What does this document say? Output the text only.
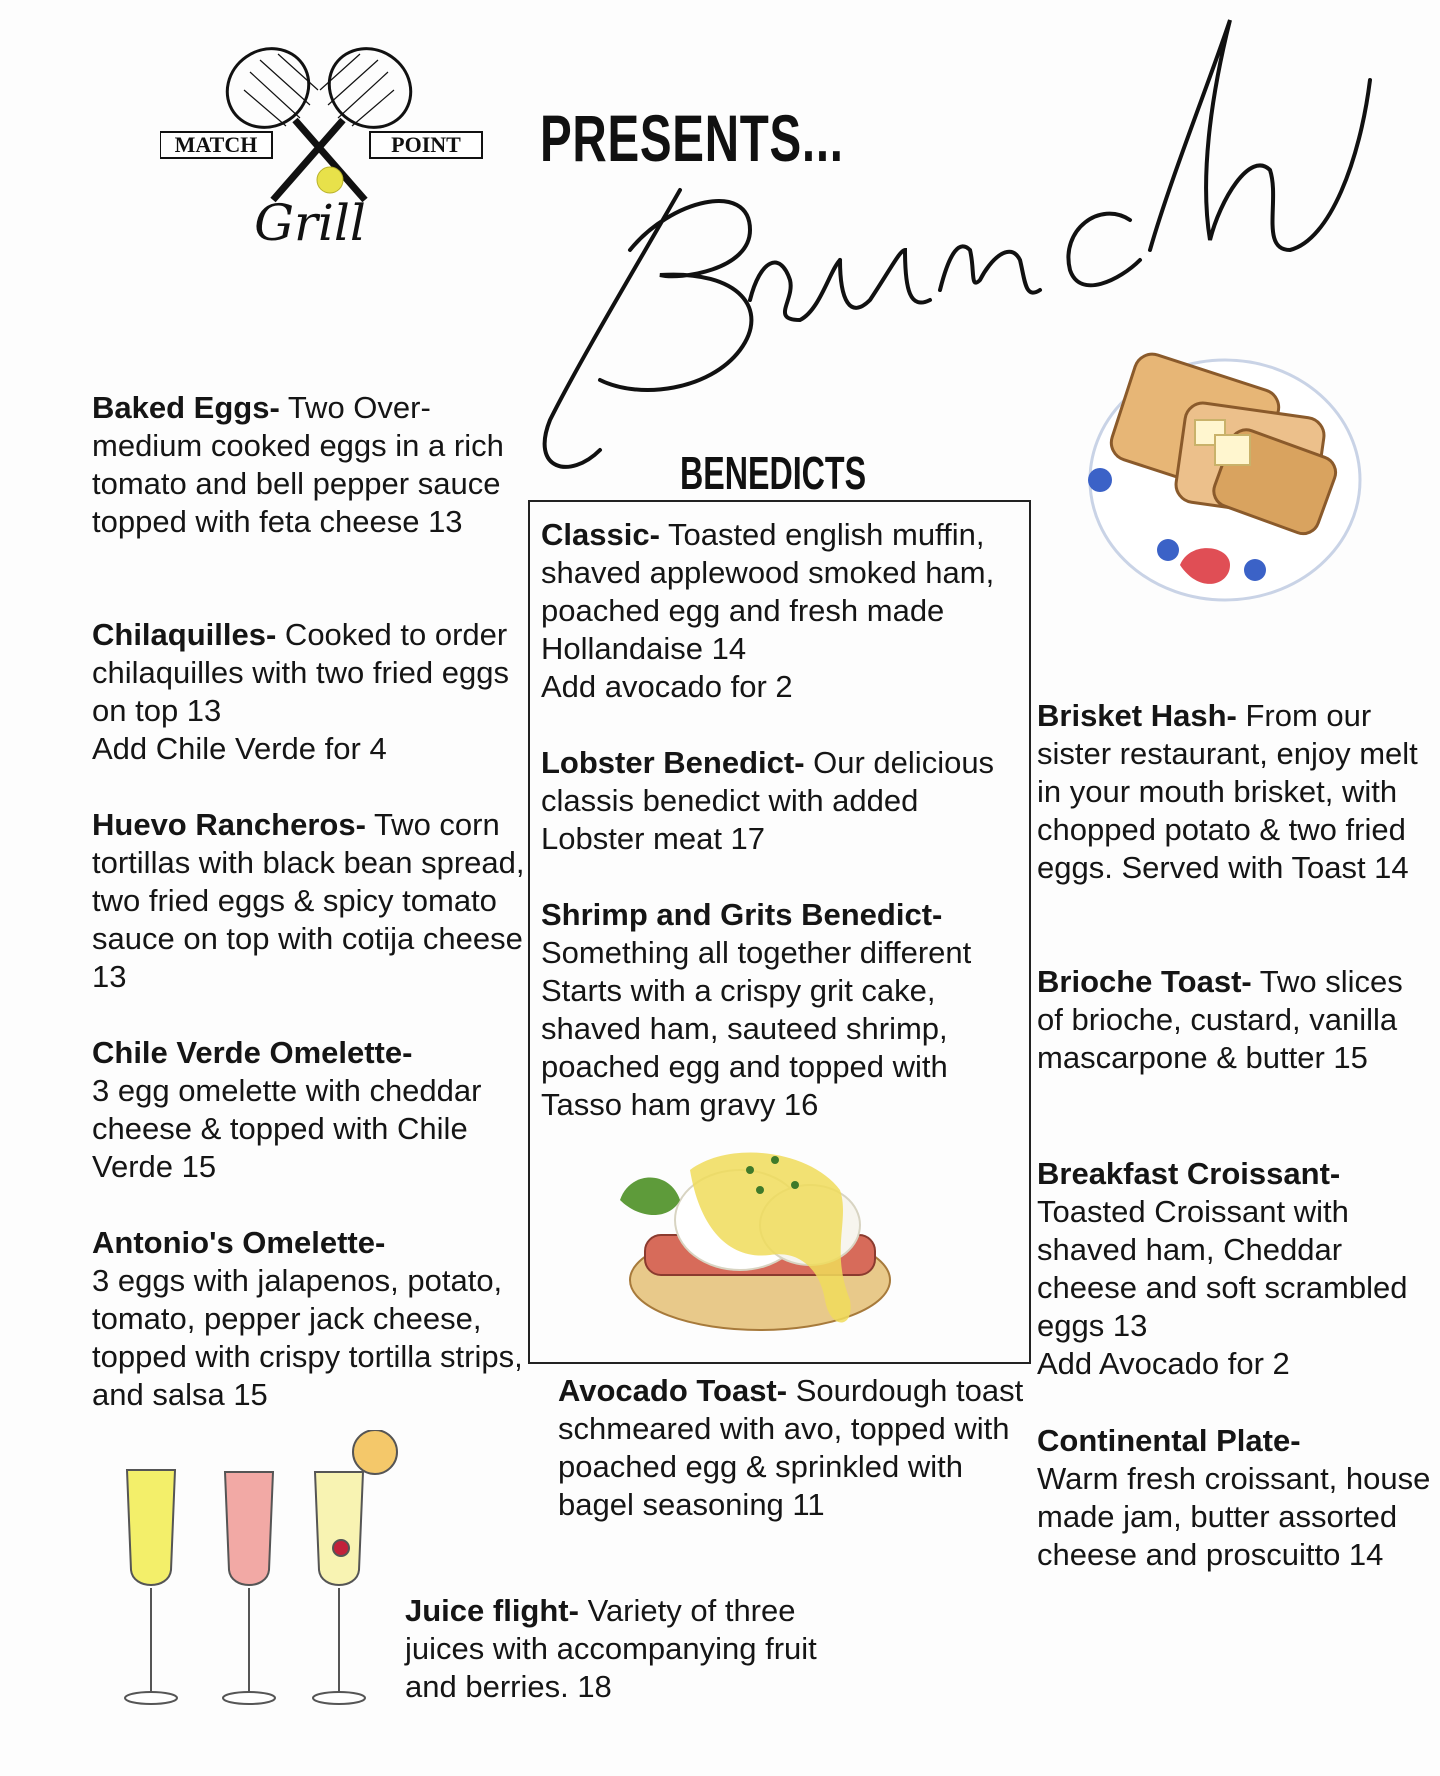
MATCH	POINT
Grill
PRESENTS...
Brunch

Baked Eggs- Two Over-medium cooked eggs in a rich tomato and bell pepper sauce topped with feta cheese 13

Chilaquilles- Cooked to order chilaquilles with two fried eggs on top 13

Add Chile Verde for 4

Huevo Rancheros- Two corn tortillas with black bean spread, two fried eggs & spicy tomato sauce on top with cotija cheese 13

Chile Verde Omelette-

3 egg omelette with cheddar cheese & topped with Chile Verde 15

Antonio's Omelette-

3 eggs with jalapenos, potato, tomato, pepper jack cheese, topped with crispy tortilla strips, and salsa 15

BENEDICTS

Classic- Toasted english muffin, shaved applewood smoked ham, poached egg and fresh made Hollandaise 14

Add avocado for 2

Lobster Benedict- Our delicious classis benedict with added Lobster meat 17

Shrimp and Grits Benedict-

Something all together different Starts with a crispy grit cake, shaved ham, sauteed shrimp, poached egg and topped with Tasso ham gravy 16

Brisket Hash- From our sister restaurant, enjoy melt in your mouth brisket, with chopped potato & two fried eggs. Served with Toast 14

Brioche Toast- Two slices of brioche, custard, vanilla mascarpone & butter 15

Breakfast Croissant-

Toasted Croissant with shaved ham, Cheddar cheese and soft scrambled eggs 13

Add Avocado for 2

Continental Plate-

Warm fresh croissant, house made jam, butter assorted cheese and proscuitto 14

Avocado Toast- Sourdough toast schmeared with avo, topped with poached egg & sprinkled with bagel seasoning 11

Juice flight- Variety of three juices with accompanying fruit and berries. 18
